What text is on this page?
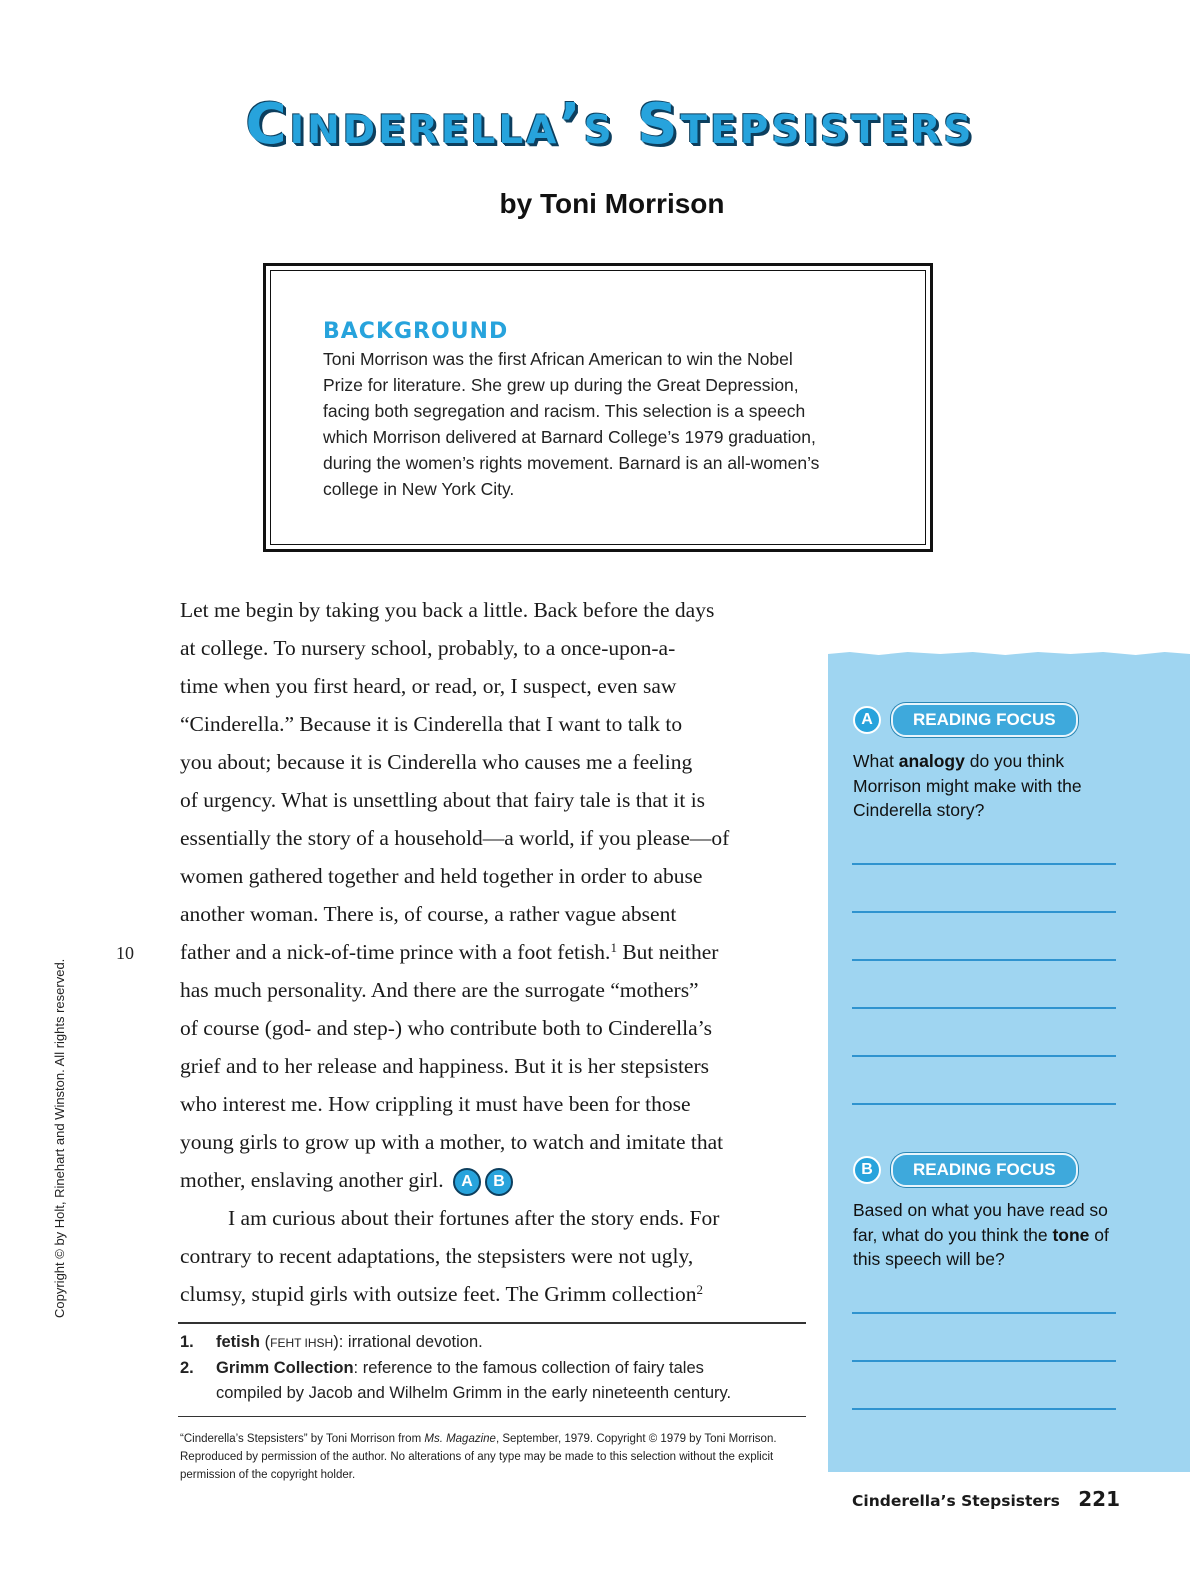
Cinderella’s Stepsisters

by Toni Morrison

BACKGROUND

Toni Morrison was the first African American to win the Nobel
Prize for literature. She grew up during the Great Depression,
facing both segregation and racism. This selection is a speech
which Morrison delivered at Barnard College’s 1979 graduation,
during the women’s rights movement. Barnard is an all-women’s
college in New York City.

Let me begin by taking you back a little. Back before the days
at college. To nursery school, probably, to a once-upon-a-
time when you first heard, or read, or, I suspect, even saw
“Cinderella.” Because it is Cinderella that I want to talk to
you about; because it is Cinderella who causes me a feeling
of urgency. What is unsettling about that fairy tale is that it is
essentially the story of a household—a world, if you please—of
women gathered together and held together in order to abuse
another woman. There is, of course, a rather vague absent
father and a nick-of-time prince with a foot fetish.$^1$ But neither
has much personality. And there are the surrogate “mothers”
of course (god- and step-) who contribute both to Cinderella’s
grief and to her release and happiness. But it is her stepsisters
who interest me. How crippling it must have been for those
young girls to grow up with a mother, to watch and imitate that
mother, enslaving another girl. A B
I am curious about their fortunes after the story ends. For
contrary to recent adaptations, the stepsisters were not ugly,
clumsy, stupid girls with outsize feet. The Grimm collection$^2$
10
1.	fetish (FEHT IHSH): irrational devotion.
2.	Grimm Collection: reference to the famous collection of fairy tales
compiled by Jacob and Wilhelm Grimm in the early nineteenth century.
“Cinderella’s Stepsisters” by Toni Morrison from Ms. Magazine, September, 1979. Copyright © 1979 by Toni Morrison. Reproduced by permission of the author. No alterations of any type may be made to this selection without the explicit permission of the copyright holder.
A	READING FOCUS

What analogy do you think Morrison might make with the Cinderella story?

B	READING FOCUS

Based on what you have read so far, what do you think the tone of this speech will be?

Cinderella’s Stepsisters 221
Copyright © by Holt, Rinehart and Winston. All rights reserved.
